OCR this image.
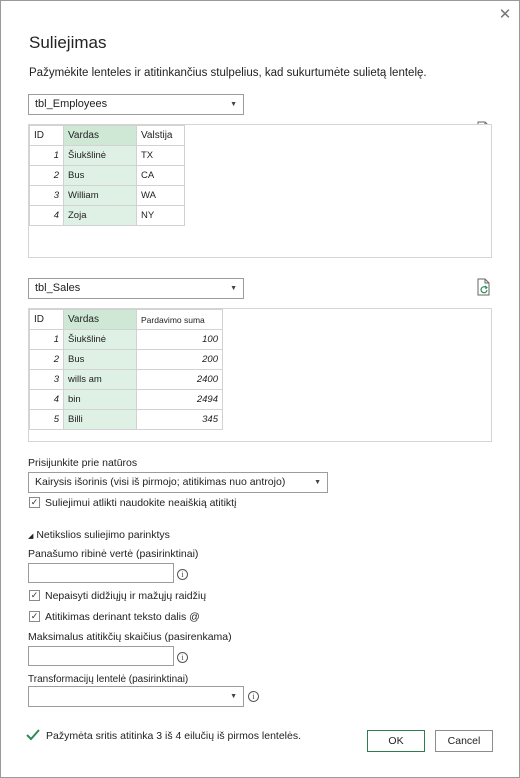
✕
Suliejimas
Pažymėkite lenteles ir atitinkančius stulpelius, kad sukurtumėte sulietą lentelę.
tbl_Employees	▼
ID	Vardas	Valstija
1	Šiukšlinė	TX
2	Bus	CA
3	William	WA
4	Zoja	NY
tbl_Sales	▼
ID	Vardas	Pardavimo suma
1	Šiukšlinė	100
2	Bus	200
3	wills am	2400
4	bin	2494
5	Billi	345
Prisijunkite prie natūros
Kairysis išorinis (visi iš pirmojo; atitikimas nuo antrojo)	▼
✓ Suliejimui atlikti naudokite neaiškią atitiktį
◢ Netikslios suliejimo parinktys
Panašumo ribinė vertė (pasirinktinai)
i
✓ Nepaisyti didžiųjų ir mažųjų raidžių
✓ Atitikimas derinant teksto dalis @
Maksimalus atitikčių skaičius (pasirenkama)
i
Transformacijų lentelė (pasirinktinai)
▼	i
Pažymėta sritis atitinka 3 iš 4 eilučių iš pirmos lentelės.	OK	Cancel
